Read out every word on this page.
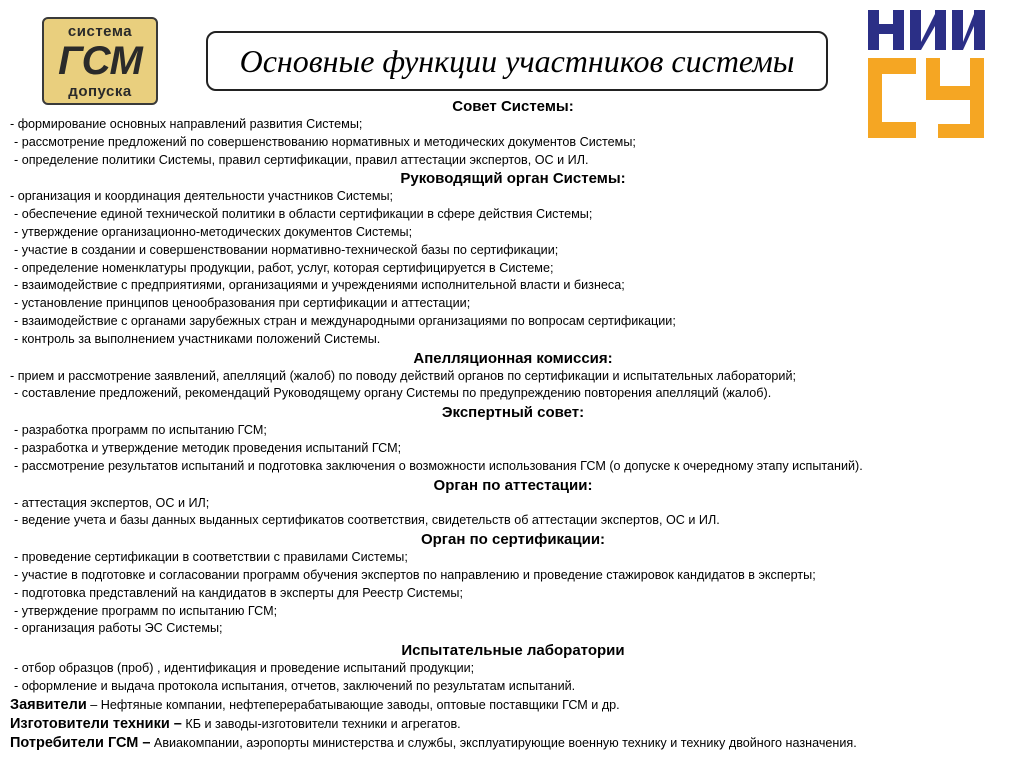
система
ГСМ
допуска
Основные функции участников системы
Совет Системы:
- формирование основных направлений развития Системы;
- рассмотрение предложений по совершенствованию нормативных и методических документов Системы;
- определение политики Системы, правил сертификации, правил аттестации экспертов, ОС и ИЛ.
Руководящий орган Системы:
- организация и координация деятельности участников Системы;
- обеспечение единой технической политики в области сертификации в сфере действия Системы;
- утверждение организационно-методических документов Системы;
- участие в создании и совершенствовании нормативно-технической базы по сертификации;
- определение номенклатуры продукции, работ, услуг, которая сертифицируется в Системе;
- взаимодействие с предприятиями, организациями и учреждениями исполнительной власти и бизнеса;
- установление принципов ценообразования при сертификации и аттестации;
- взаимодействие с органами зарубежных стран и международными организациями по вопросам сертификации;
- контроль за выполнением участниками положений Системы.
Апелляционная комиссия:
- прием и рассмотрение заявлений, апелляций (жалоб) по поводу действий органов по сертификации и испытательных лабораторий;
- составление предложений, рекомендаций Руководящему органу Системы по предупреждению повторения апелляций (жалоб).
Экспертный совет:
- разработка программ по испытанию ГСМ;
- разработка и утверждение методик проведения испытаний ГСМ;
- рассмотрение результатов испытаний и подготовка заключения о возможности использования ГСМ (о допуске к очередному этапу испытаний).
Орган по аттестации:
- аттестация экспертов, ОС и ИЛ;
- ведение учета и базы данных выданных сертификатов соответствия, свидетельств об аттестации экспертов, ОС и ИЛ.
Орган по сертификации:
- проведение сертификации в соответствии с правилами Системы;
- участие в подготовке и согласовании программ обучения экспертов по направлению и проведение стажировок кандидатов в эксперты;
- подготовка представлений на кандидатов в эксперты для Реестр Системы;
- утверждение программ по испытанию ГСМ;
- организация работы ЭС Системы;
Испытательные лаборатории
- отбор образцов (проб) , идентификация и проведение испытаний продукции;
- оформление и выдача протокола испытания, отчетов, заключений по результатам испытаний.
Заявители – Нефтяные компании, нефтеперерабатывающие заводы, оптовые поставщики ГСМ и др.
Изготовители техники – КБ и заводы-изготовители техники и агрегатов.
Потребители ГСМ – Авиакомпании, аэропорты министерства и службы, эксплуатирующие военную технику и технику двойного назначения.
